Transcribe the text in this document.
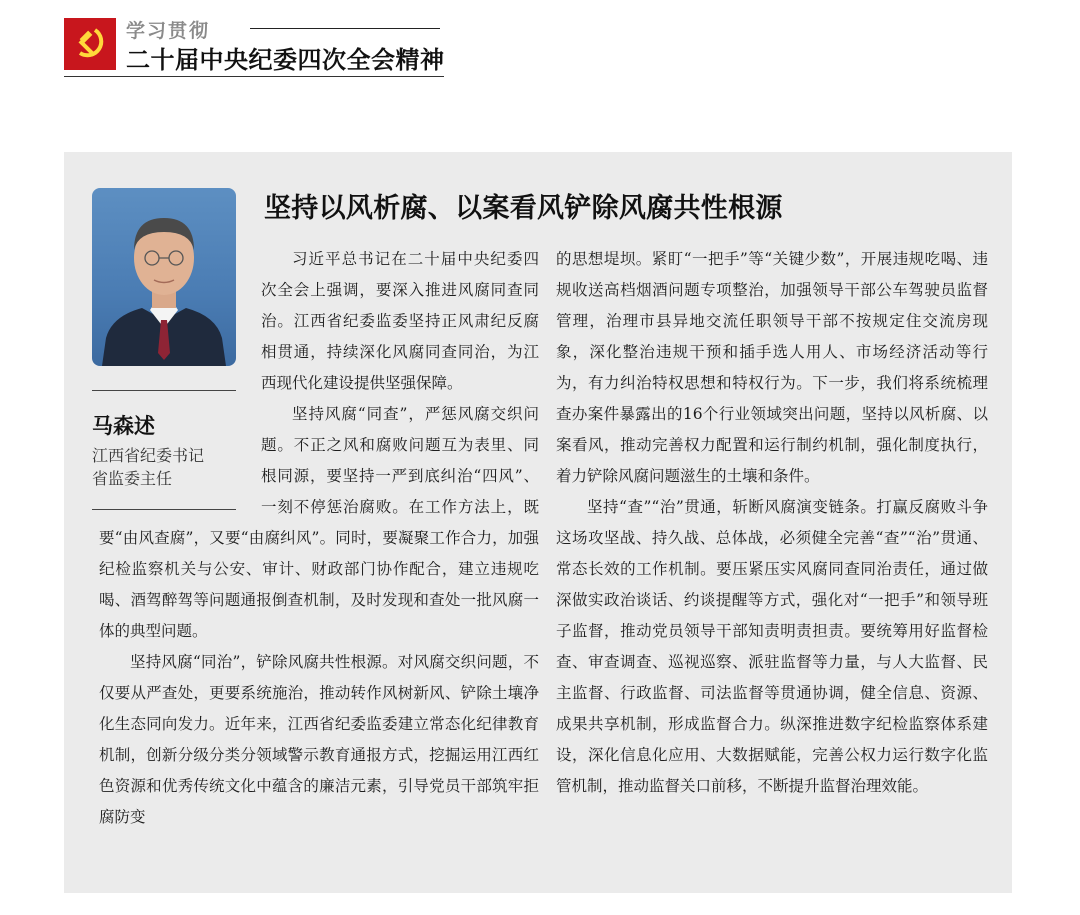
学习贯彻
二十届中央纪委四次全会精神
马森述
江西省纪委书记
省监委主任
坚持以风析腐、以案看风铲除风腐共性根源

习近平总书记在二十届中央纪委四次全会上强调，要深入推进风腐同查同治。江西省纪委监委坚持正风肃纪反腐相贯通，持续深化风腐同查同治，为江西现代化建设提供坚强保障。

坚持风腐“同查”，严惩风腐交织问题。不正之风和腐败问题互为表里、同根同源，要坚持一严到底纠治“四风”、一刻不停惩治腐败。在工作方法上，既要“由风查腐”，又要“由腐纠风”。同时，要凝聚工作合力，加强纪检监察机关与公安、审计、财政部门协作配合，建立违规吃喝、酒驾醉驾等问题通报倒查机制，及时发现和查处一批风腐一体的典型问题。

坚持风腐“同治”，铲除风腐共性根源。对风腐交织问题，不仅要从严查处，更要系统施治，推动转作风树新风、铲除土壤净化生态同向发力。近年来，江西省纪委监委建立常态化纪律教育机制，创新分级分类分领域警示教育通报方式，挖掘运用江西红色资源和优秀传统文化中蕴含的廉洁元素，引导党员干部筑牢拒腐防变

的思想堤坝。紧盯“一把手”等“关键少数”，开展违规吃喝、违规收送高档烟酒问题专项整治，加强领导干部公车驾驶员监督管理，治理市县异地交流任职领导干部不按规定住交流房现象，深化整治违规干预和插手选人用人、市场经济活动等行为，有力纠治特权思想和特权行为。下一步，我们将系统梳理查办案件暴露出的16个行业领域突出问题，坚持以风析腐、以案看风，推动完善权力配置和运行制约机制，强化制度执行，着力铲除风腐问题滋生的土壤和条件。

坚持“查”“治”贯通，斩断风腐演变链条。打赢反腐败斗争这场攻坚战、持久战、总体战，必须健全完善“查”“治”贯通、常态长效的工作机制。要压紧压实风腐同查同治责任，通过做深做实政治谈话、约谈提醒等方式，强化对“一把手”和领导班子监督，推动党员领导干部知责明责担责。要统筹用好监督检查、审查调查、巡视巡察、派驻监督等力量，与人大监督、民主监督、行政监督、司法监督等贯通协调，健全信息、资源、成果共享机制，形成监督合力。纵深推进数字纪检监察体系建设，深化信息化应用、大数据赋能，完善公权力运行数字化监管机制，推动监督关口前移，不断提升监督治理效能。
